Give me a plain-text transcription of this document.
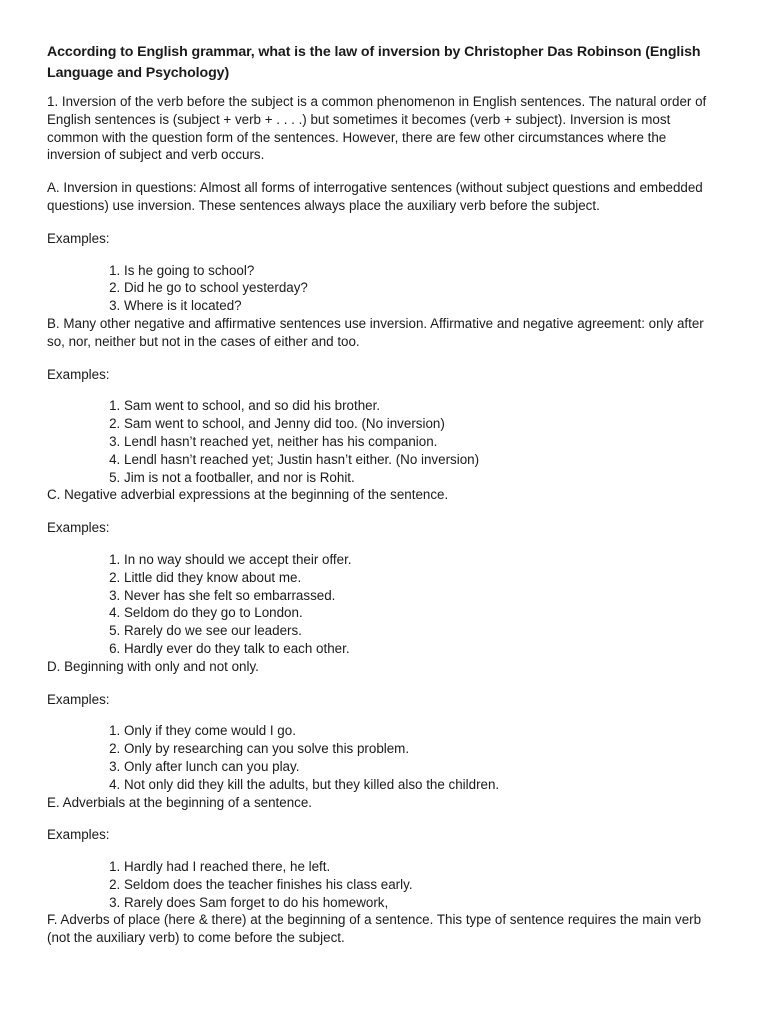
According to English grammar, what is the law of inversion by Christopher Das Robinson (English Language and Psychology)

1. Inversion of the verb before the subject is a common phenomenon in English sentences. The natural order of English sentences is (subject + verb + . . . .) but sometimes it becomes (verb + subject). Inversion is most common with the question form of the sentences. However, there are few other circumstances where the inversion of subject and verb occurs.

A. Inversion in questions: Almost all forms of interrogative sentences (without subject questions and embedded questions) use inversion. These sentences always place the auxiliary verb before the subject.

Examples:

1. Is he going to school?
2. Did he go to school yesterday?
3. Where is it located?

B. Many other negative and affirmative sentences use inversion. Affirmative and negative agreement: only after so, nor, neither but not in the cases of either and too.

Examples:

1. Sam went to school, and so did his brother.
2. Sam went to school, and Jenny did too. (No inversion)
3. Lendl hasn’t reached yet, neither has his companion.
4. Lendl hasn’t reached yet; Justin hasn’t either. (No inversion)
5. Jim is not a footballer, and nor is Rohit.

C. Negative adverbial expressions at the beginning of the sentence.

Examples:

1. In no way should we accept their offer.
2. Little did they know about me.
3. Never has she felt so embarrassed.
4. Seldom do they go to London.
5. Rarely do we see our leaders.
6. Hardly ever do they talk to each other.

D. Beginning with only and not only.

Examples:

1. Only if they come would I go.
2. Only by researching can you solve this problem.
3. Only after lunch can you play.
4. Not only did they kill the adults, but they killed also the children.

E. Adverbials at the beginning of a sentence.

Examples:

1. Hardly had I reached there, he left.
2. Seldom does the teacher finishes his class early.
3. Rarely does Sam forget to do his homework,

F. Adverbs of place (here & there) at the beginning of a sentence. This type of sentence requires the main verb (not the auxiliary verb) to come before the subject.
